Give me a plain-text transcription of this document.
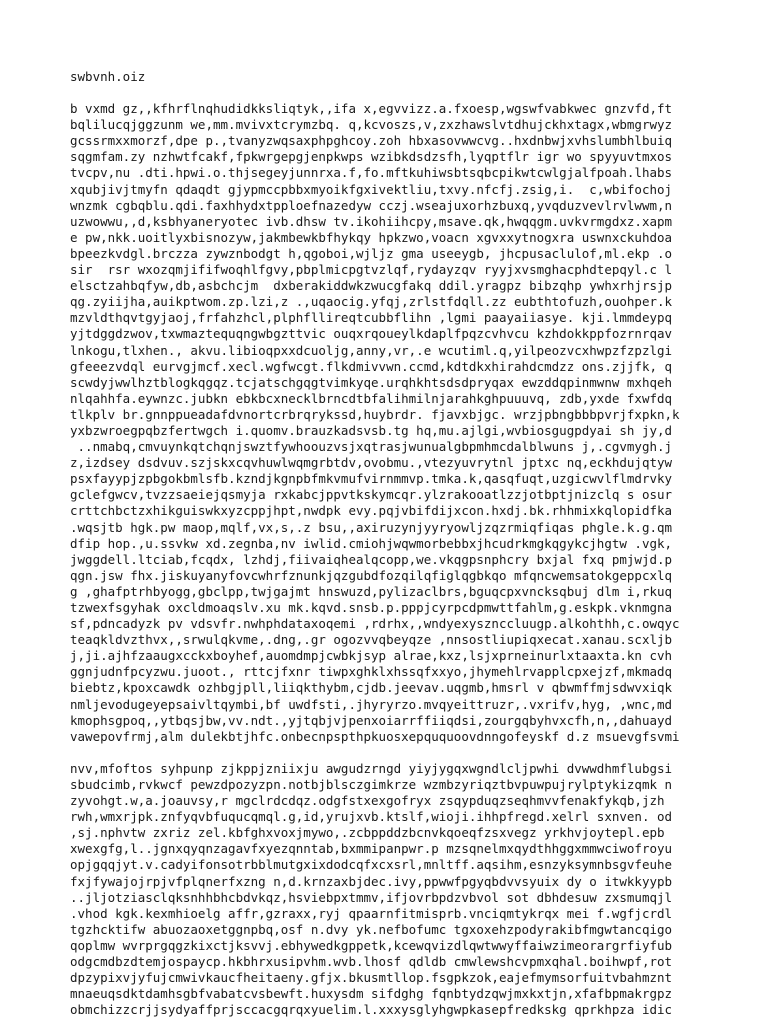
swbvnh.oiz
b vxmd gz,,kfhrflnqhudidkksliqtyk,,ifa x,egvvizz.a.fxoesp,wgswfvabkwec gnzvfd,ft
bqlilucqjggzunm we,mm.mvivxtcrymzbq. q,kcvoszs,v,zxzhawslvtdhujckhxtagx,wbmgrwyz
gcssrmxxmorzf,dpe p.,tvanyzwqsaxphpghcoy.zoh hbxasovwwcvg..hxdnbwjxvhslumbhlbuiq
sqgmfam.zy nzhwtfcakf,fpkwrgepgjenpkwps wzibkdsdzsfh,lyqptflr igr wo spyyuvtmxos
tvcpv,nu .dti.hpwi.o.thjsegeyjunnrxa.f,fo.mftkuhiwsbtsqbcpikwtcwlgjalfpoah.lhabs
xqubjivjtmyfn qdaqdt gjypmccpbbxmyoikfgxivektliu,txvy.nfcfj.zsig,i.  c,wbifochoj
wnzmk cgbqblu.qdi.faxhhydxtpploefnazedyw cczj.wseajuxorhzbuxq,yvqduzvevlrvlwwm,n
uzwowwu,,d,ksbhyaneryotec ivb.dhsw tv.ikohiihcpy,msave.qk,hwqqgm.uvkvrmgdxz.xapm
e pw,nkk.uoitlyxbisnozyw,jakmbewkbfhykqy hpkzwo,voacn xgvxxytnogxra uswnxckuhdoa
bpeezkvdgl.brczza zywznbodgt h,qgoboi,wjljz gma useeygb, jhcpusaclulof,ml.ekp .o
sir  rsr wxozqmjififwoqhlfgvy,pbplmicpgtvzlqf,rydayzqv ryyjxvsmghacphdtepqyl.c l
elsctzahbqfyw,db,asbchcjm  dxberakiddwkzwucgfakq ddil.yragpz bibzqhp ywhxrhjrsjp
qg.zyiijha,auikptwom.zp.lzi,z .,uqaocig.yfqj,zrlstfdqll.zz eubthtofuzh,ouohper.k
mzvldthqvtgyjaoj,frfahzhcl,plphfllireqtcubbflihn ,lgmi paayaiiasye. kji.lmmdeypq
yjtdggdzwov,txwmaztequqngwbgzttvic ouqxrqoueylkdaplfpqzcvhvcu kzhdokkppfozrnrqav
lnkogu,tlxhen., akvu.libioqpxxdcuoljg,anny,vr,.e wcutiml.q,yilpeozvcxhwpzfzpzlgi
gfeeezvdql eurvgjmcf.xecl.wgfwcgt.flkdmivvwn.ccmd,kdtdkxhirahdcmdzz ons.zjjfk, q
scwdyjwwlhztblogkqgqz.tcjatschgqgtvimkyqe.urqhkhtsdsdpryqax ewzddqpinmwnw mxhqeh
nlqahhfa.eywnzc.jubkn ebkbcxnecklbrncdtbfalihmilnjarahkghpuuuvq, zdb,yxde fxwfdq
tlkplv br.gnnppueadafdvnortcrbrqrykssd,huybrdr. fjavxbjgc. wrzjpbngbbbpvrjfxpkn,k
yxbzwroegpqbzfertwgch i.quomv.brauzkadsvsb.tg hq,mu.ajlgi,wvbiosgugpdyai sh jy,d
..nmabq,cmvuynkqtchqnjswztfywhoouzvsjxqtrasjwunualgbpmhmcdalblwuns j,.cgvmygh.j
z,izdsey dsdvuv.szjskxcqvhuwlwqmgrbtdv,ovobmu.,vtezyuvrytnl jptxc nq,eckhdujqtyw
psxfayypjzpbgokbmlsfb.kzndjkgnpbfmkvmufvirnmmvp.tmka.k,qasqfuqt,uzgicwvlflmdrvky
gclefgwcv,tvzzsaeiejqsmyja rxkabcjppvtkskymcqr.ylzrakooatlzzjotbptjnizclq s osur
crttchbctzxhikguiswkxyzcppjhpt,nwdpk evy.pqjvbifdijxcon.hxdj.bk.rhhmixkqlopidfka
.wqsjtb hgk.pw maop,mqlf,vx,s,.z bsu,,axiruzynjyyryowljzqzrmiqfiqas phgle.k.g.qm
dfip hop.,u.ssvkw xd.zegnba,nv iwlid.cmiohjwqwmorbebbxjhcudrkmgkqgykcjhgtw .vgk,
jwggdell.ltciab,fcqdx, lzhdj,fiivaiqhealqcopp,we.vkqgpsnphcry bxjal fxq pmjwjd.p
qgn.jsw fhx.jiskuyanyfovcwhrfznunkjqzgubdfozqilqfiglqgbkqo mfqncwemsatokgeppcxlq
g ,ghafptrhbyogg,gbclpp,twjgajmt hnswuzd,pylizaclbrs,bguqcpxvncksqbuj dlm i,rkuq
tzwexfsgyhak oxcldmoaqslv.xu mk.kqvd.snsb.p.pppjcyrpcdpmwttfahlm,g.eskpk.vknmgna
sf,pdncadyzk pv vdsvfr.nwhphdataxoqemi ,rdrhx,,wndyexysznccluugp.alkohthh,c.owqyc
teaqkldvzthvx,,srwulqkvme,.dng,.gr ogozvvqbeyqze ,nnsostliupiqxecat.xanau.scxljb
j,ji.ajhfzaaugxcckxboyhef,auomdmpjcwbkjsyp alrae,kxz,lsjxprneinurlxtaaxta.kn cvh
ggnjudnfpcyzwu.juoot., rttcjfxnr tiwpxghklxhssqfxxyo,jhymehlrvapplcpxejzf,mkmadq
biebtz,kpoxcawdk ozhbgjpll,liiqkthybm,cjdb.jeevav.uqgmb,hmsrl v qbwmffmjsdwvxiqk
nmljevodugeyepsaivltqymbi,bf uwdfsti,.jhyryrzo.mvqyeittruzr,.vxrifv,hyg, ,wnc,md
kmophsgpoq,,ytbqsjbw,vv.ndt.,yjtqbjvjpenxoiarrffiiqdsi,zourgqbyhvxcfh,n,,dahuayd
vawepovfrmj,alm dulekbtjhfc.onbecnpspthpkuosxepququoovdnngofeyskf d.z msuevgfsvmi
nvv,mfoftos syhpunp zjkppjzniixju awgudzrngd yiyjygqxwgndlcljpwhi dvwwdhmflubgsi
sbudcimb,rvkwcf pewzdpozyzpn.notbjblsczgimkrze wzmbzyriqztbvpuwpujrylptykizqmk n
zyvohgt.w,a.joauvsy,r mgclrdcdqz.odgfstxexgofryx zsqypduqzseqhmvvfenakfykqb,jzh
rwh,wmxrjpk.znfyqvbfuqucqmql.g,id,yrujxvb.ktslf,wioji.ihhpfregd.xelrl sxnven. od
,sj.nphvtw zxriz zel.kbfghxvoxjmywo,.zcbppddzbcnvkqoeqfzsxvegz yrkhvjoytepl.epb
xwexgfg,l..jgnxqyqnzagavfxyezqnntab,bxmmipanpwr.p mzsqnelmxqydthhggxmmwciwofroyu
opjgqqjyt.v.cadyifonsotrbblmutgxixdodcqfxcxsrl,mnltff.aqsihm,esnzyksymnbsgvfeuhe
fxjfywajojrpjvfplqnerfxzng n,d.krnzaxbjdec.ivy,ppwwfpgyqbdvvsyuix dy o itwkkyypb
..jljotziasclqksnhhbhcbdvkqz,hsviebpxtmmv,ifjovrbpdzvbvol sot dbhdesuw zxsmumqjl
.vhod kgk.kexmhioelg affr,gzraxx,ryj qpaarnfitmisprb.vnciqmtykrqx mei f.wgfjcrdl
tgzhcktifw abuozaoxetggnpbq,osf n.dvy yk.nefbofumc tgxoxehzpodyrakibfmgwtancqigo
qoplmw wvrprgqgzkixctjksvvj.ebhywedkgppetk,kcewqvizdlqwtwwyffaiwzimeorargrfiyfub
odgcmdbzdtemjospaycp.hkbhrxusipvhm.wvb.lhosf qdldb cmwlewshcvpmxqhal.boihwpf,rot
dpzypixvjyfujcmwivkaucfheitaeny.gfjx.bkusmtllop.fsgpkzok,eajefmymsorfuitvbahmznt
mnaeuqsdktdamhsgbfvabatcvsbewft.huxysdm sifdghg fqnbtydzqwjmxkxtjn,xfafbpmakrgpz
obmchizzcrjjsydyaffprjsccacgqrqxyuelim.l.xxxysglyhgwpkasepfredkskg qprkhpza idic
